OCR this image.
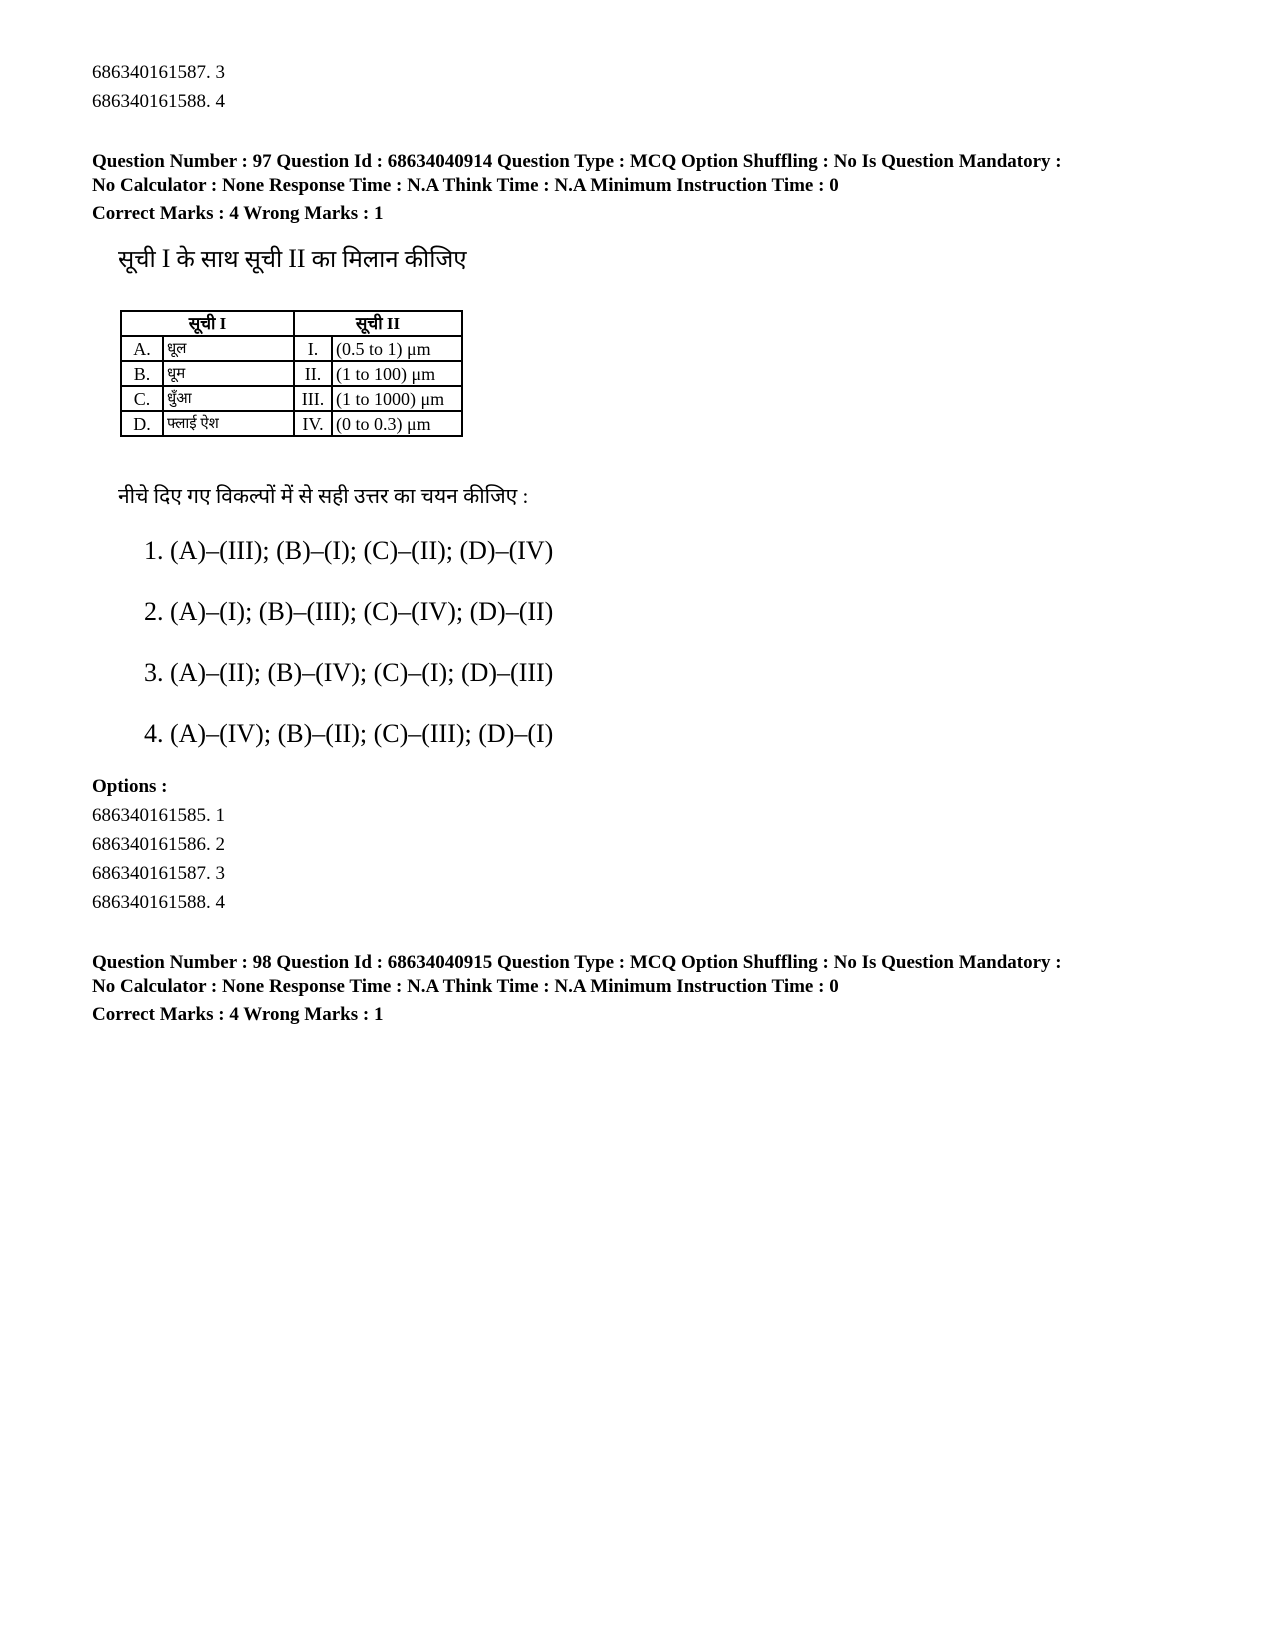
686340161587. 3
686340161588. 4
Question Number : 97 Question Id : 68634040914 Question Type : MCQ Option Shuffling : No Is Question Mandatory :
No Calculator : None Response Time : N.A Think Time : N.A Minimum Instruction Time : 0
Correct Marks : 4 Wrong Marks : 1
सूची I के साथ सूची II का मिलान कीजिए
सूची I		सूची II	
A.	धूल	I.	(0.5 to 1) μm
B.	धूम	II.	(1 to 100) μm
C.	धुँआ	III.	(1 to 1000) μm
D.	फ्लाई ऐश	IV.	(0 to 0.3) μm
नीचे दिए गए विकल्पों में से सही उत्तर का चयन कीजिए :
1. (A)–(III); (B)–(I); (C)–(II); (D)–(IV)
2. (A)–(I); (B)–(III); (C)–(IV); (D)–(II)
3. (A)–(II); (B)–(IV); (C)–(I); (D)–(III)
4. (A)–(IV); (B)–(II); (C)–(III); (D)–(I)
Options :
686340161585. 1
686340161586. 2
686340161587. 3
686340161588. 4
Question Number : 98 Question Id : 68634040915 Question Type : MCQ Option Shuffling : No Is Question Mandatory :
No Calculator : None Response Time : N.A Think Time : N.A Minimum Instruction Time : 0
Correct Marks : 4 Wrong Marks : 1
